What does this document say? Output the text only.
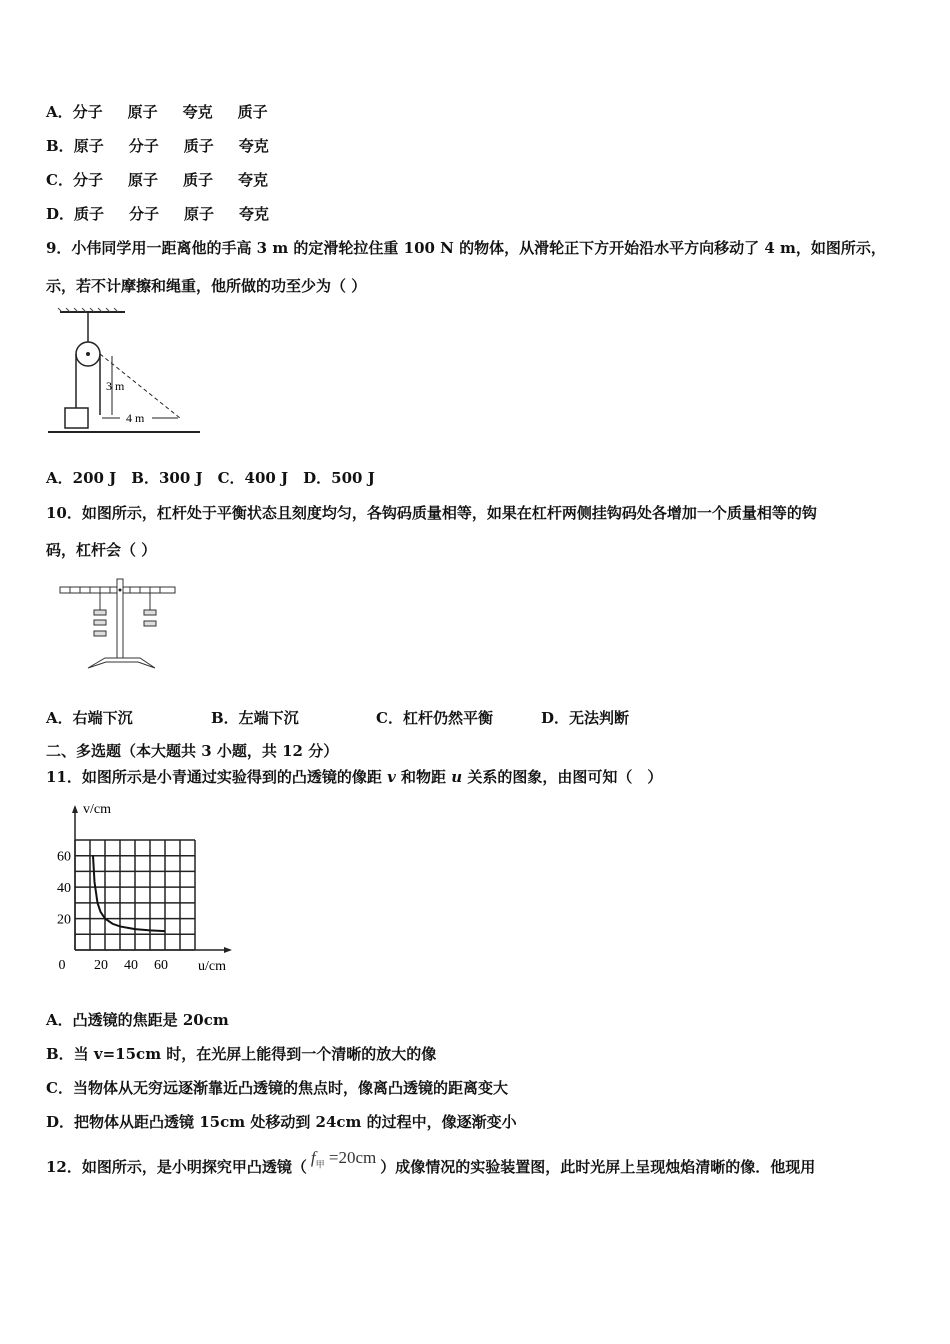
A．分子 原子 夸克 质子
B．原子 分子 质子 夸克
C．分子 原子 质子 夸克
D．质子 分子 原子 夸克
9．小伟同学用一距离他的手高 3 m 的定滑轮拉住重 100 N 的物体，从滑轮正下方开始沿水平方向移动了 4 m，如图所示，
示，若不计摩擦和绳重，他所做的功至少为（ ）
3 m
4 m
A．200 J　B．300 J　C．400 J　D．500 J
10．如图所示，杠杆处于平衡状态且刻度均匀，各钩码质量相等，如果在杠杆两侧挂钩码处各增加一个质量相等的钩
码，杠杆会（ ）
A．右端下沉	B．左端下沉	C．杠杆仍然平衡	D．无法判断
二、多选题（本大题共 3 小题，共 12 分）
11．如图所示是小青通过实验得到的凸透镜的像距 v 和物距 u 关系的图象，由图可知（　）
20
40
60
20 40 60
0
v/cm
u/cm
A．凸透镜的焦距是 20cm
B．当 v=15cm 时，在光屏上能得到一个清晰的放大的像
C．当物体从无穷远逐渐靠近凸透镜的焦点时，像离凸透镜的距离变大
D．把物体从距凸透镜 15cm 处移动到 24cm 的过程中，像逐渐变小
12．如图所示，是小明探究甲凸透镜（ $f_甲 =20cm$ ）成像情况的实验装置图，此时光屏上呈现烛焰清晰的像．他现用
